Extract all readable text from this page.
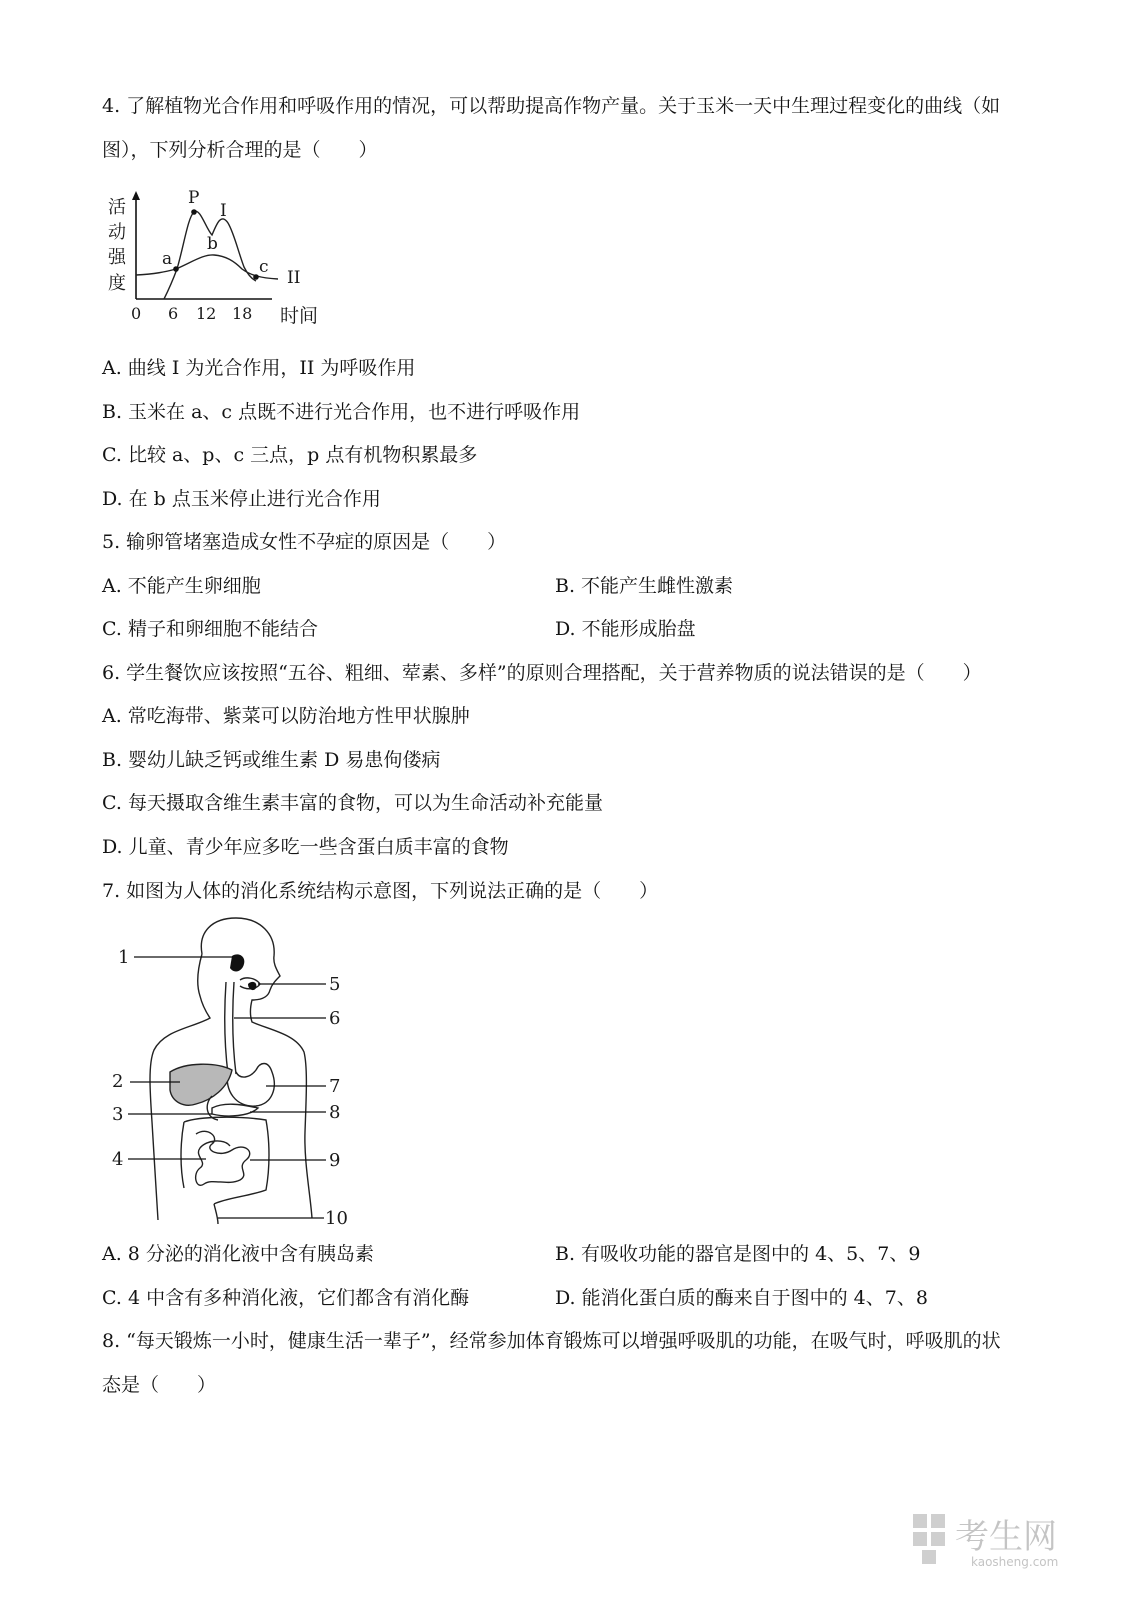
4. 了解植物光合作用和呼吸作用的情况，可以帮助提高作物产量。关于玉米一天中生理过程变化的曲线（如
图），下列分析合理的是（　　）
活
动
强
度
P
a
b
c
I
II
0 6 12 18 时间
A. 曲线 I 为光合作用，II 为呼吸作用
B. 玉米在 a、c 点既不进行光合作用，也不进行呼吸作用
C. 比较 a、p、c 三点，p 点有机物积累最多
D. 在 b 点玉米停止进行光合作用
5. 输卵管堵塞造成女性不孕症的原因是（　　）
A. 不能产生卵细胞	B. 不能产生雌性激素
C. 精子和卵细胞不能结合	D. 不能形成胎盘
6. 学生餐饮应该按照“五谷、粗细、荤素、多样”的原则合理搭配，关于营养物质的说法错误的是（　　）
A. 常吃海带、紫菜可以防治地方性甲状腺肿
B. 婴幼儿缺乏钙或维生素 D 易患佝偻病
C. 每天摄取含维生素丰富的食物，可以为生命活动补充能量
D. 儿童、青少年应多吃一些含蛋白质丰富的食物
7. 如图为人体的消化系统结构示意图，下列说法正确的是（　　）
1
2
3
4
5
6
7
8
9
10
A. 8 分泌的消化液中含有胰岛素	B. 有吸收功能的器官是图中的 4、5、7、9
C. 4 中含有多种消化液，它们都含有消化酶	D. 能消化蛋白质的酶来自于图中的 4、7、8
8. “每天锻炼一小时，健康生活一辈子”，经常参加体育锻炼可以增强呼吸肌的功能，在吸气时，呼吸肌的状
态是（　　）
考生网
kaosheng.com
